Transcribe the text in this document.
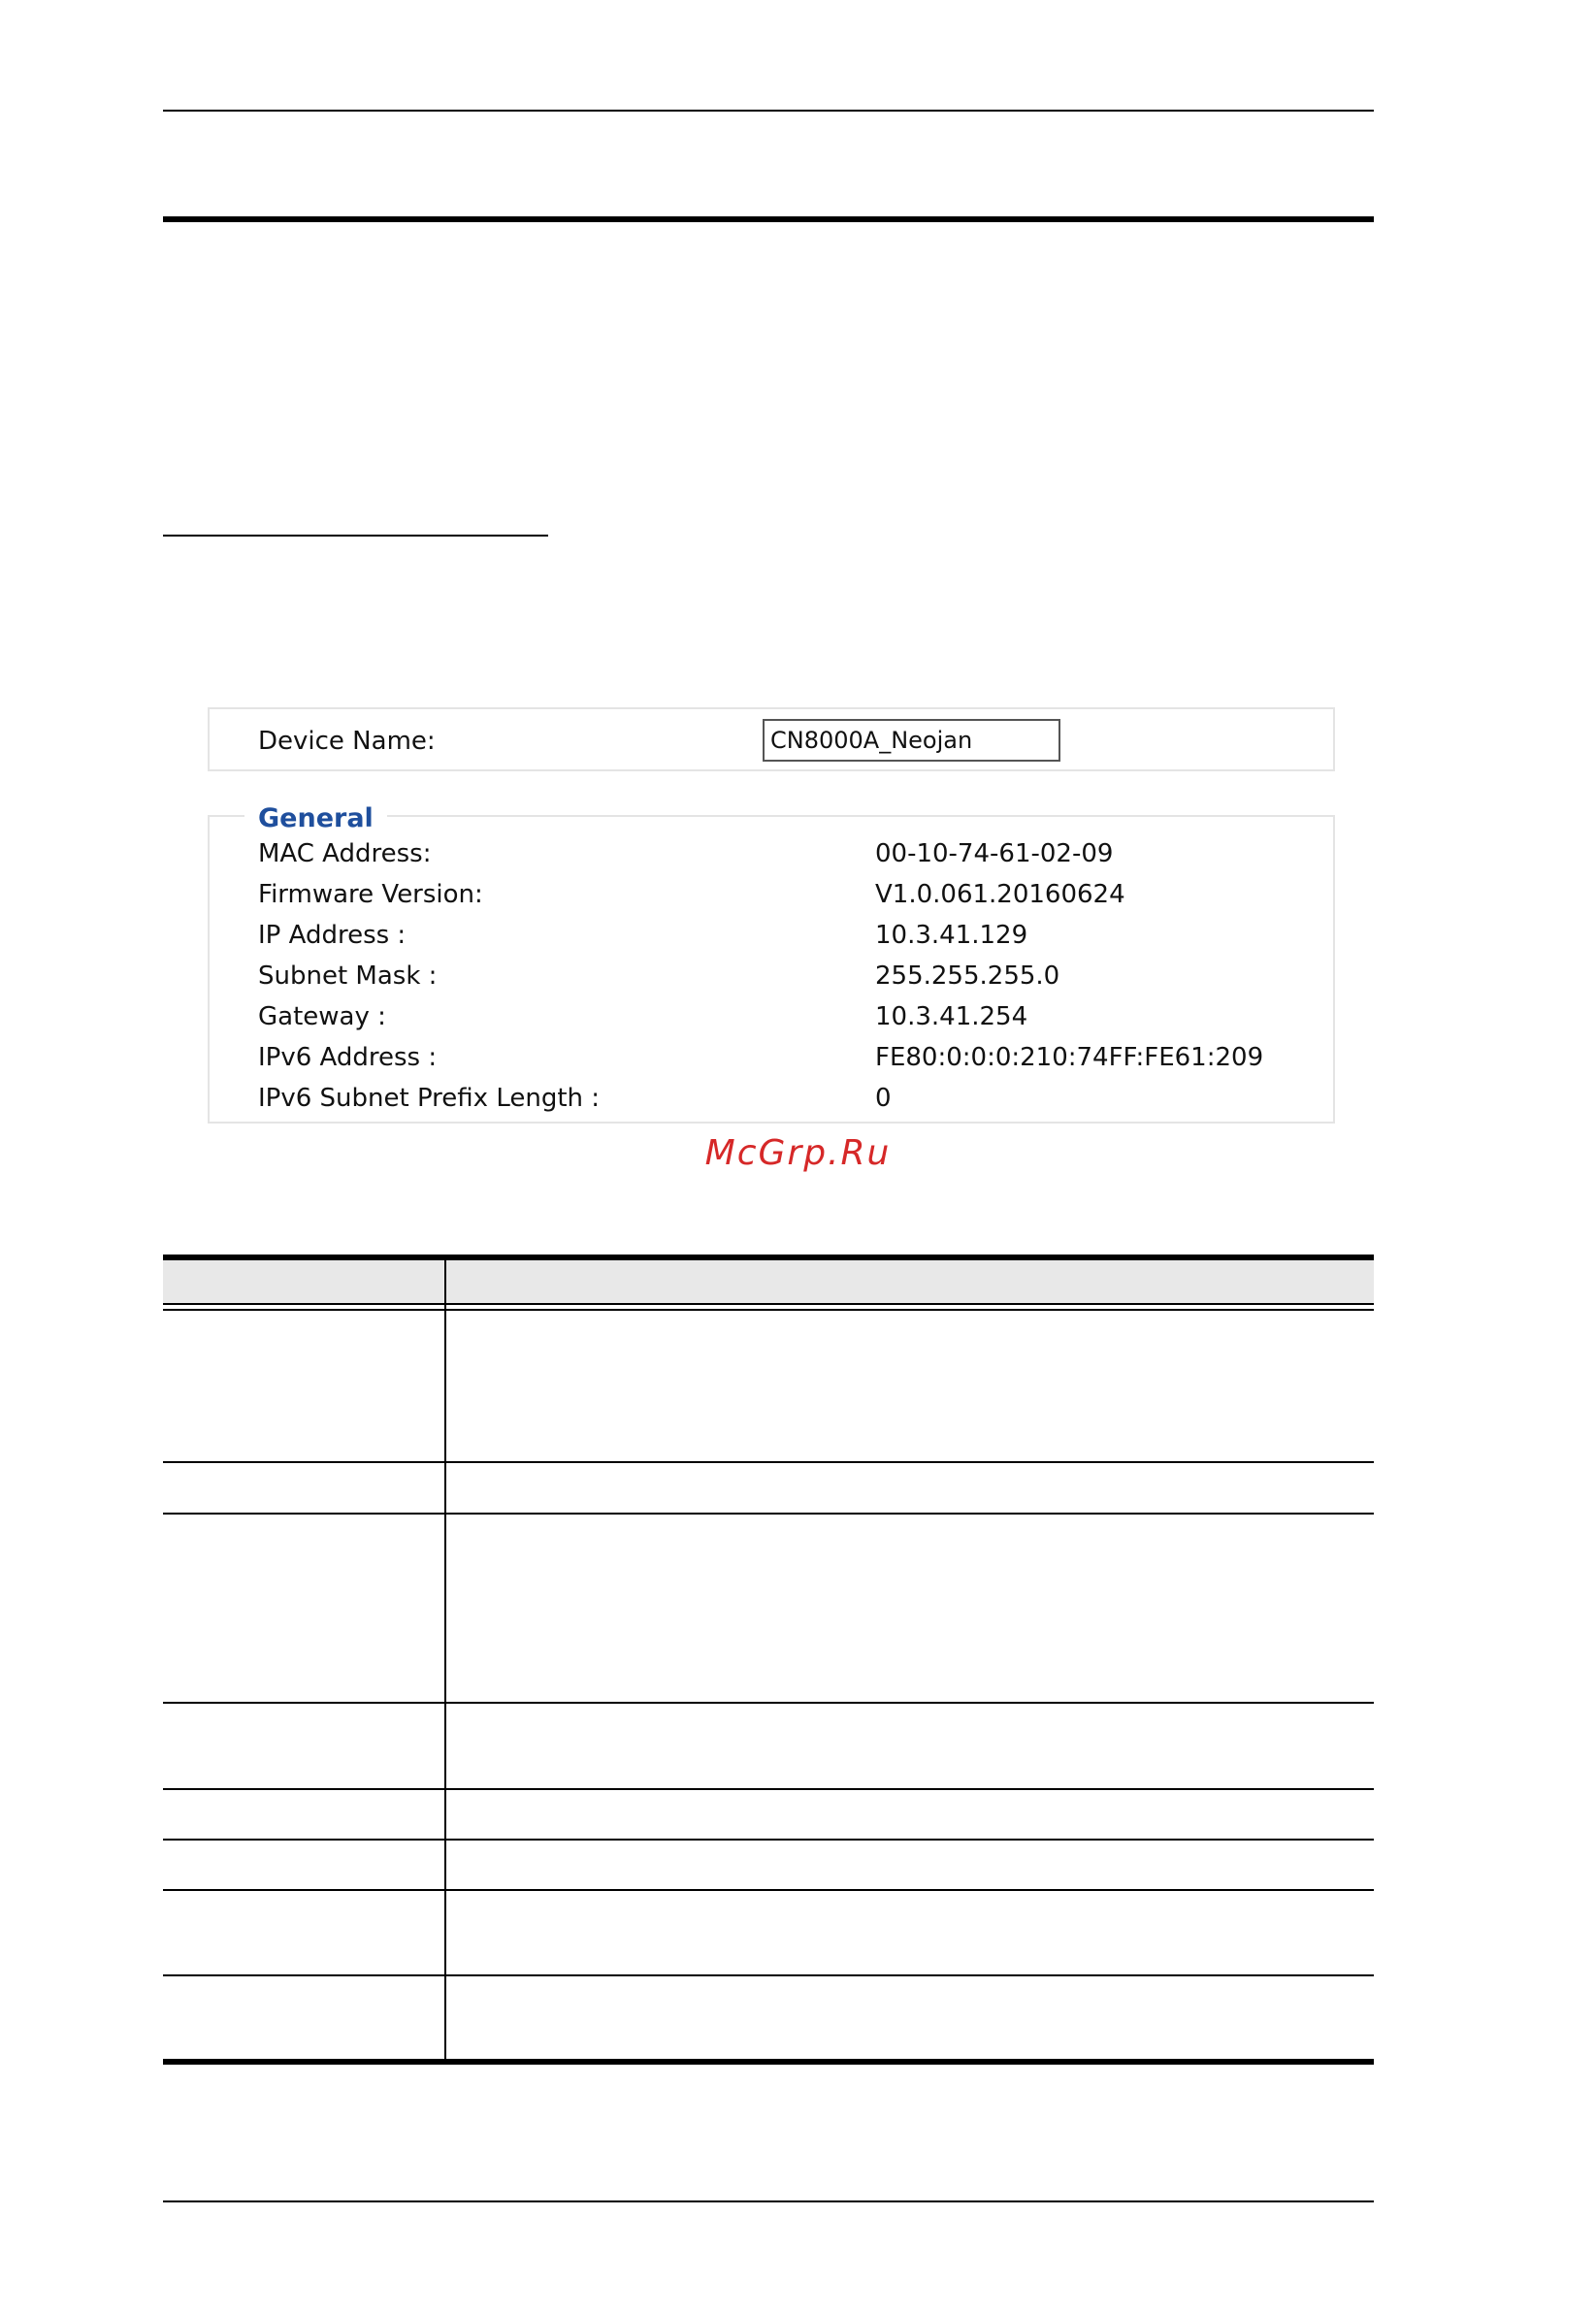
Device Name:
CN8000A_Neojan
General
MAC Address:	00-10-74-61-02-09
Firmware Version:	V1.0.061.20160624
IP Address :	10.3.41.129
Subnet Mask :	255.255.255.0
Gateway :	10.3.41.254
IPv6 Address :	FE80:0:0:0:210:74FF:FE61:209
IPv6 Subnet Prefix Length :	0
McGrp.Ru
